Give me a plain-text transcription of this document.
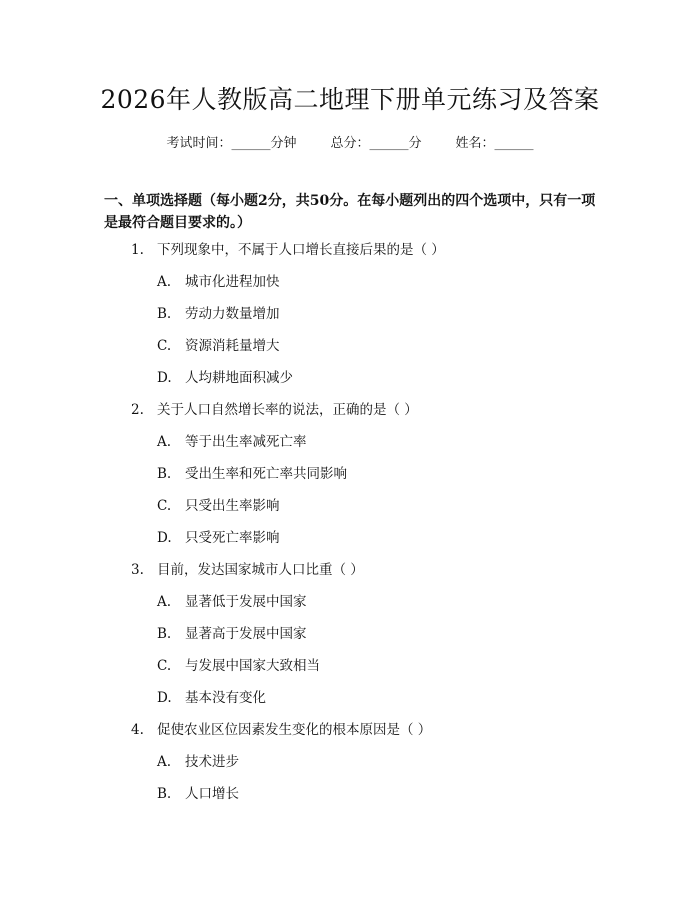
2026年人教版高二地理下册单元练习及答案
考试时间：______分钟	总分：______分	姓名：______
一、单项选择题（每小题2分，共50分。在每小题列出的四个选项中，只有一项是最符合题目要求的。）
1. 下列现象中，不属于人口增长直接后果的是（ ）
A. 城市化进程加快
B. 劳动力数量增加
C. 资源消耗量增大
D. 人均耕地面积减少
2. 关于人口自然增长率的说法，正确的是（ ）
A. 等于出生率减死亡率
B. 受出生率和死亡率共同影响
C. 只受出生率影响
D. 只受死亡率影响
3. 目前，发达国家城市人口比重（ ）
A. 显著低于发展中国家
B. 显著高于发展中国家
C. 与发展中国家大致相当
D. 基本没有变化
4. 促使农业区位因素发生变化的根本原因是（ ）
A. 技术进步
B. 人口增长
